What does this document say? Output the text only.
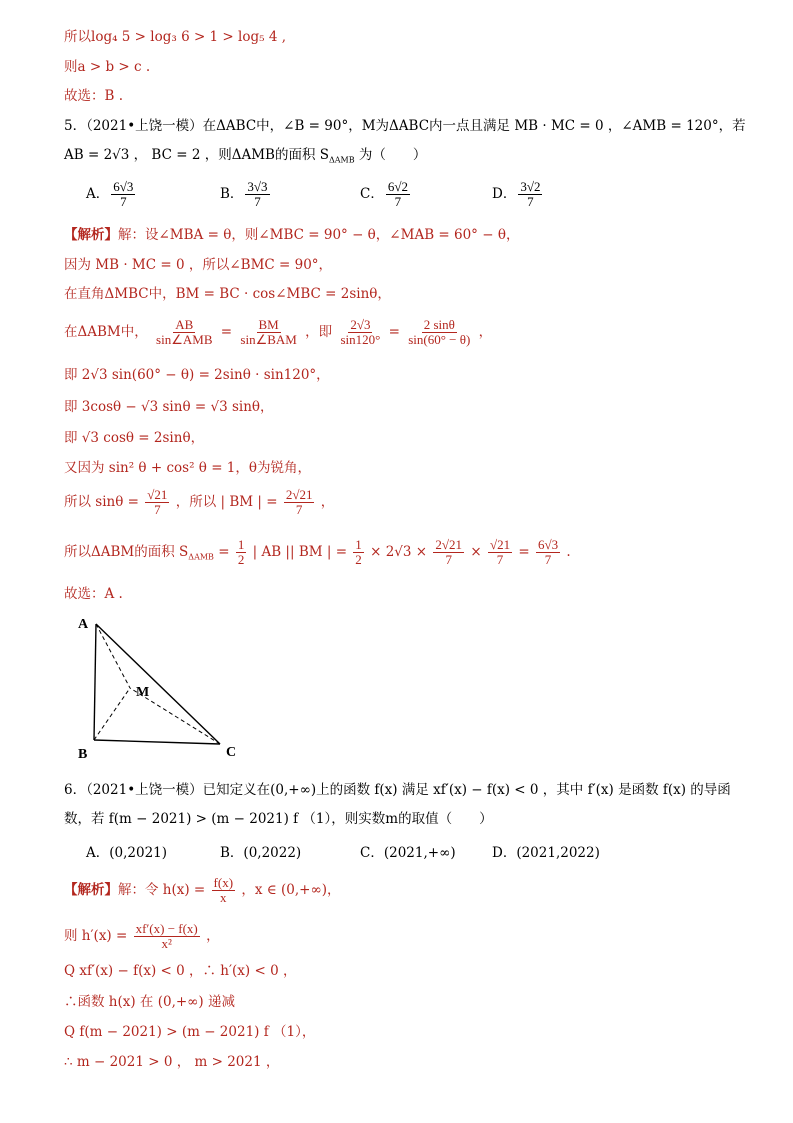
所以log₄ 5 > log₃ 6 > 1 > log₅ 4 ,
则a > b > c .
故选：B .
5．（2021•上饶一模）在ΔABC中，∠B = 90°，M为ΔABC内一点且满足 MB · MC = 0 ，∠AMB = 120°，若
AB = 2√3 ， BC = 2 ，则ΔAMB的面积 $S_{\Delta AMB}$ 为（　　）
A． $\frac{6√3}{7}$	B． $\frac{3√3}{7}$	C． $\frac{6√2}{7}$	D． $\frac{3√2}{7}$
【解析】解：设∠MBA = θ，则∠MBC = 90° − θ，∠MAB = 60° − θ，
因为 MB · MC = 0 ，所以∠BMC = 90°，
在直角ΔMBC中，BM = BC · cos∠MBC = 2sinθ，
在ΔABM中， $\frac{AB}{\text{sin∠AMB}} = \frac{BM}{\text{sin∠BAM}}$ ，即 $\frac{2√3}{\sin 120^\circ} = \frac{2 \sin\theta}{\sin(60^\circ - \theta)}$ ，
即 2√3 sin(60° − θ) = 2sinθ · sin120°，
即 3cosθ − √3 sinθ = √3 sinθ，
即 √3 cosθ = 2sinθ，
又因为 sin² θ + cos² θ = 1，θ为锐角，
所以 $\sin\theta = \frac{√21}{7}$ ，所以 | BM | = $\frac{2√21}{7}$ ，
所以ΔABM的面积 $S_{\Delta AMB} = \frac{1}{2}$ | AB || BM | = $\frac{1}{2} \times 2√3 \times \frac{2√21}{7} \times \frac{√21}{7} = \frac{6√3}{7}$ .
故选：A .
A
B	C
M
6．（2021•上饶一模）已知定义在(0,+∞)上的函数 f(x) 满足 xf′(x) − f(x) < 0 ，其中 f′(x) 是函数 f(x) 的导函
数，若 f(m − 2021) > (m − 2021) f （1），则实数m的取值（　　）
A．(0,2021)	B．(0,2022)	C．(2021,+∞)	D．(2021,2022)
【解析】解：令 $h(x) = \frac{f(x)}{x}$ ，x ∈ (0,+∞)，
则 $h'(x) = \frac{xf'(x) - f(x)}{\text{x²}}$ ，
Q xf′(x) − f(x) < 0 ，∴ h′(x) < 0 ，
∴函数 h(x) 在 (0,+∞) 递减
Q f(m − 2021) > (m − 2021) f （1），
∴ m − 2021 > 0 ， m > 2021 ，
